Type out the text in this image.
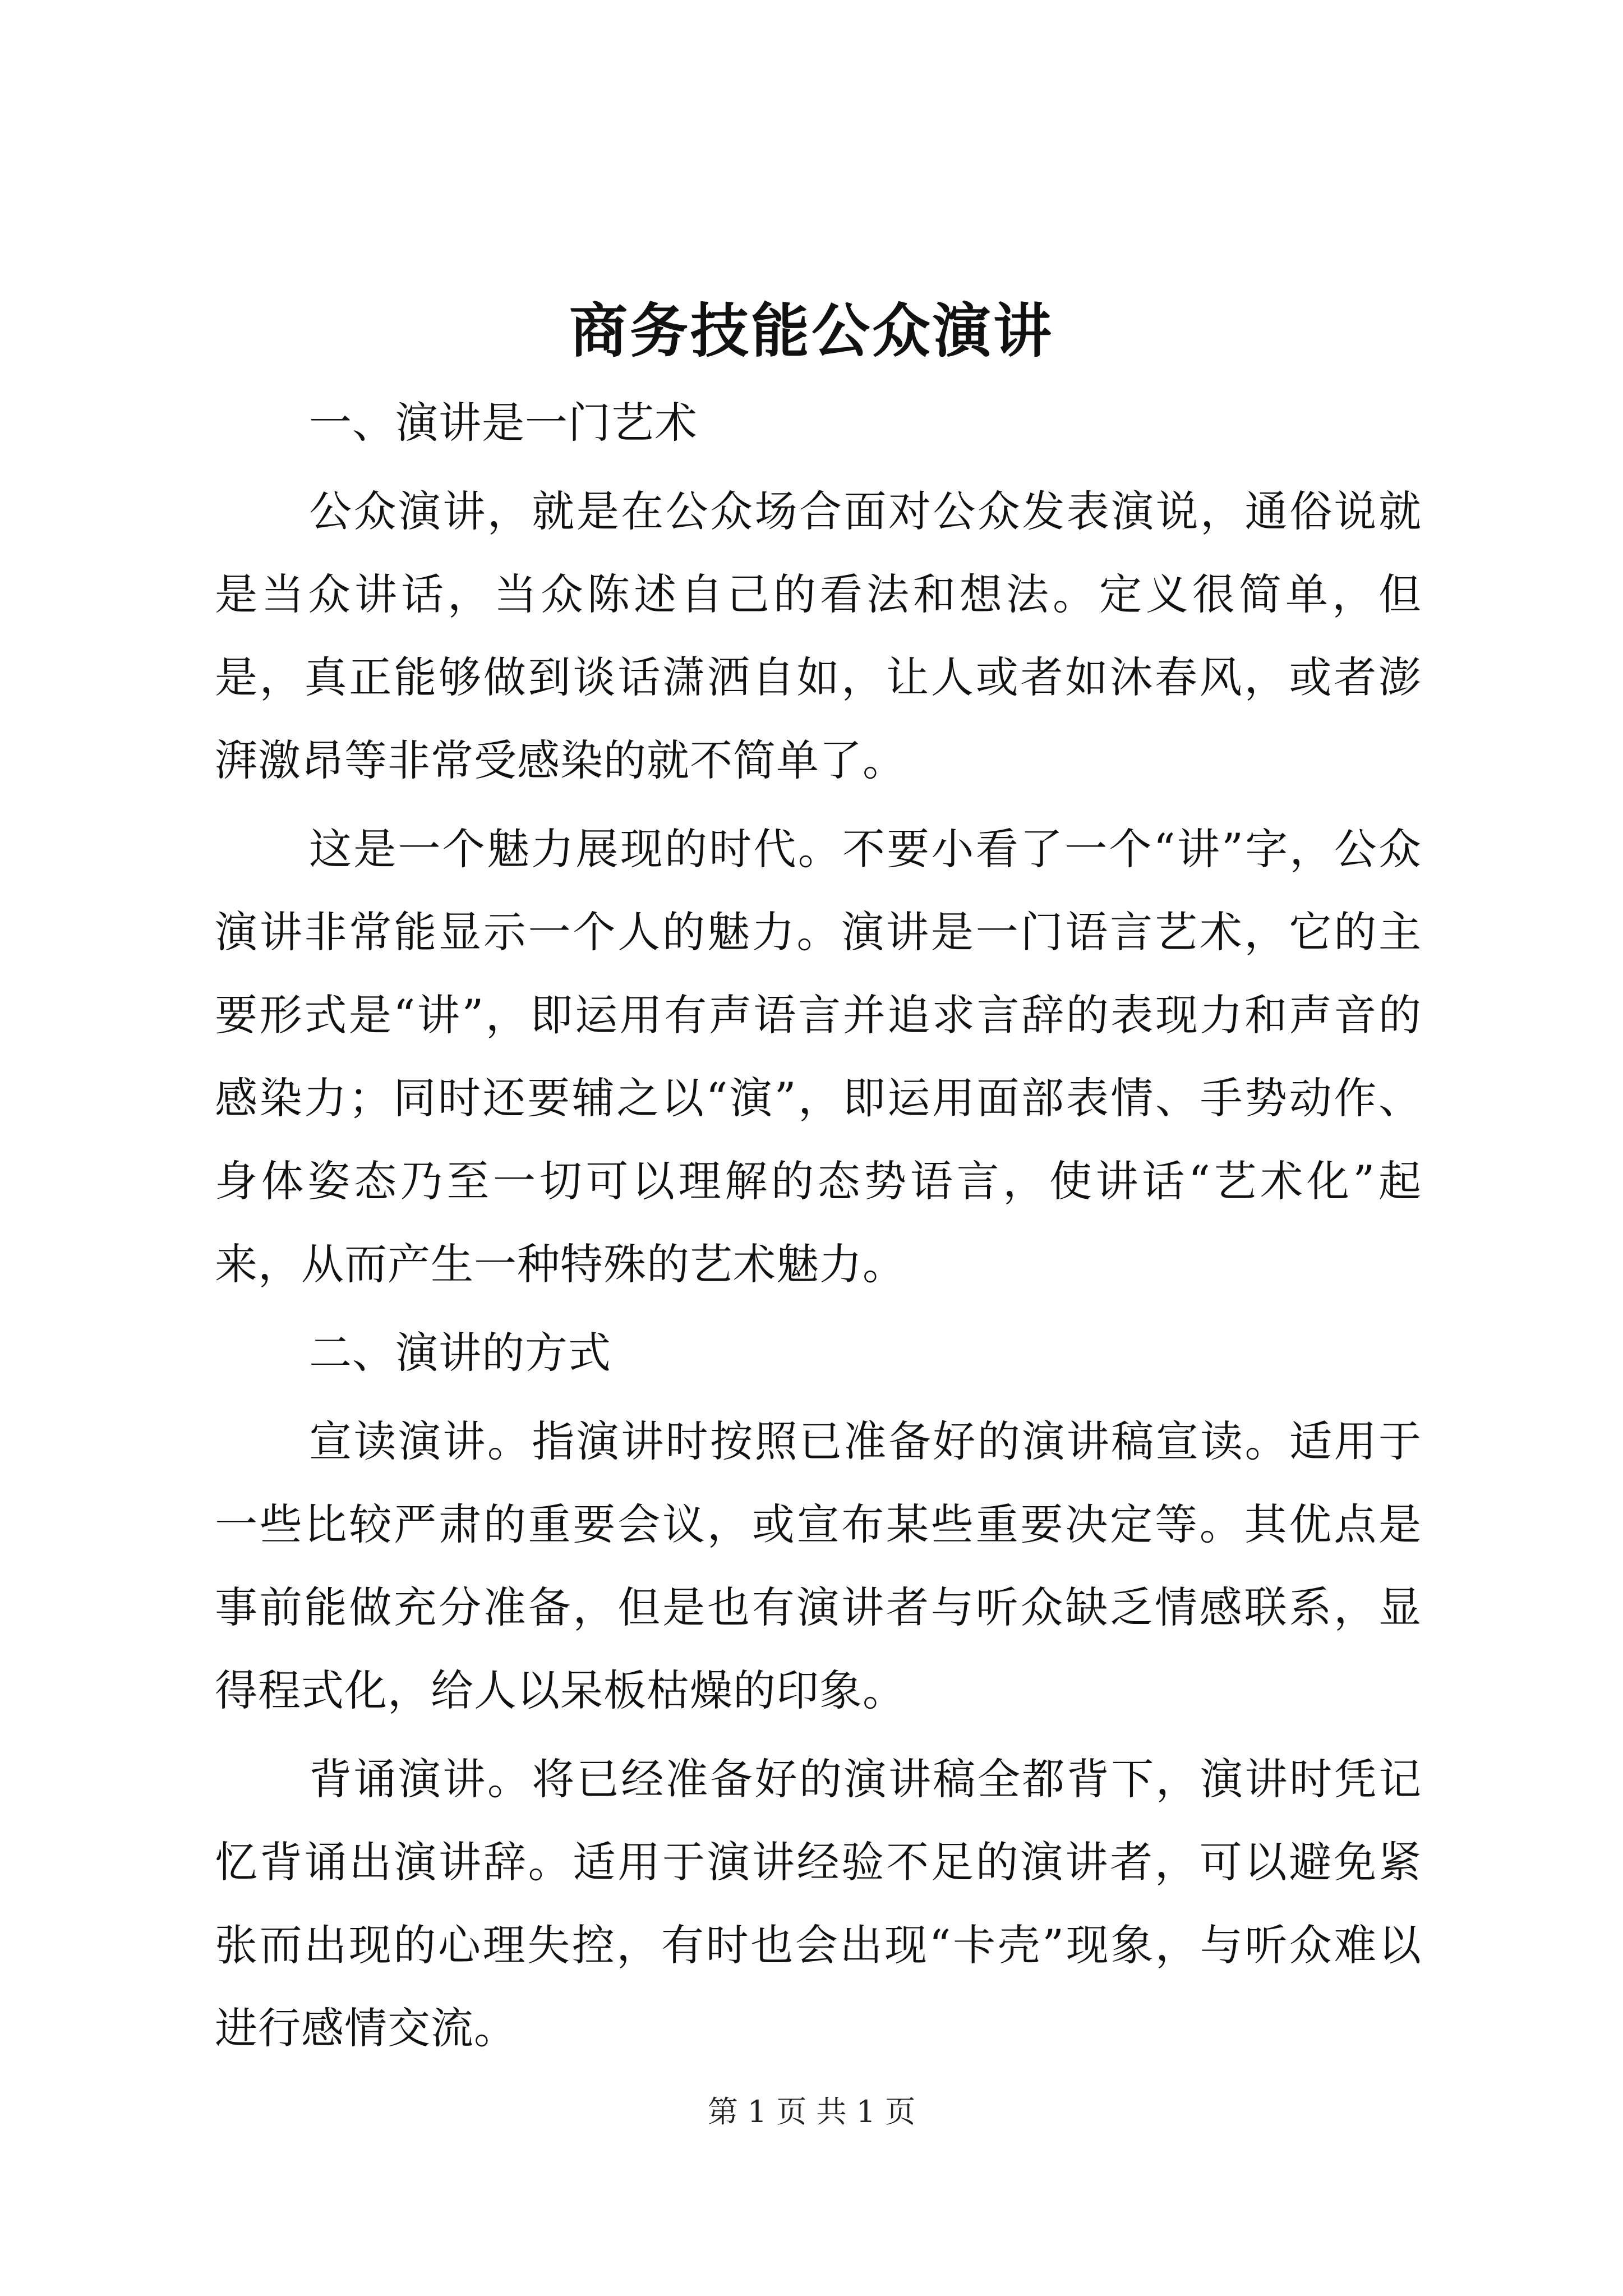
商务技能公众演讲

一、演讲是一门艺术

公众演讲，就是在公众场合面对公众发表演说，通俗说就是当众讲话，当众陈述自己的看法和想法。定义很简单，但是，真正能够做到谈话潇洒自如，让人或者如沐春风，或者澎湃激昂等非常受感染的就不简单了。

这是一个魅力展现的时代。不要小看了一个“讲”字，公众演讲非常能显示一个人的魅力。演讲是一门语言艺术，它的主要形式是“讲”，即运用有声语言并追求言辞的表现力和声音的感染力；同时还要辅之以“演”，即运用面部表情、手势动作、身体姿态乃至一切可以理解的态势语言，使讲话“艺术化”起来，从而产生一种特殊的艺术魅力。

二、演讲的方式

宣读演讲。指演讲时按照已准备好的演讲稿宣读。适用于一些比较严肃的重要会议，或宣布某些重要决定等。其优点是事前能做充分准备，但是也有演讲者与听众缺乏情感联系，显得程式化，给人以呆板枯燥的印象。

背诵演讲。将已经准备好的演讲稿全都背下，演讲时凭记忆背诵出演讲辞。适用于演讲经验不足的演讲者，可以避免紧张而出现的心理失控，有时也会出现“卡壳”现象，与听众难以进行感情交流。

第 1 页 共 1 页
